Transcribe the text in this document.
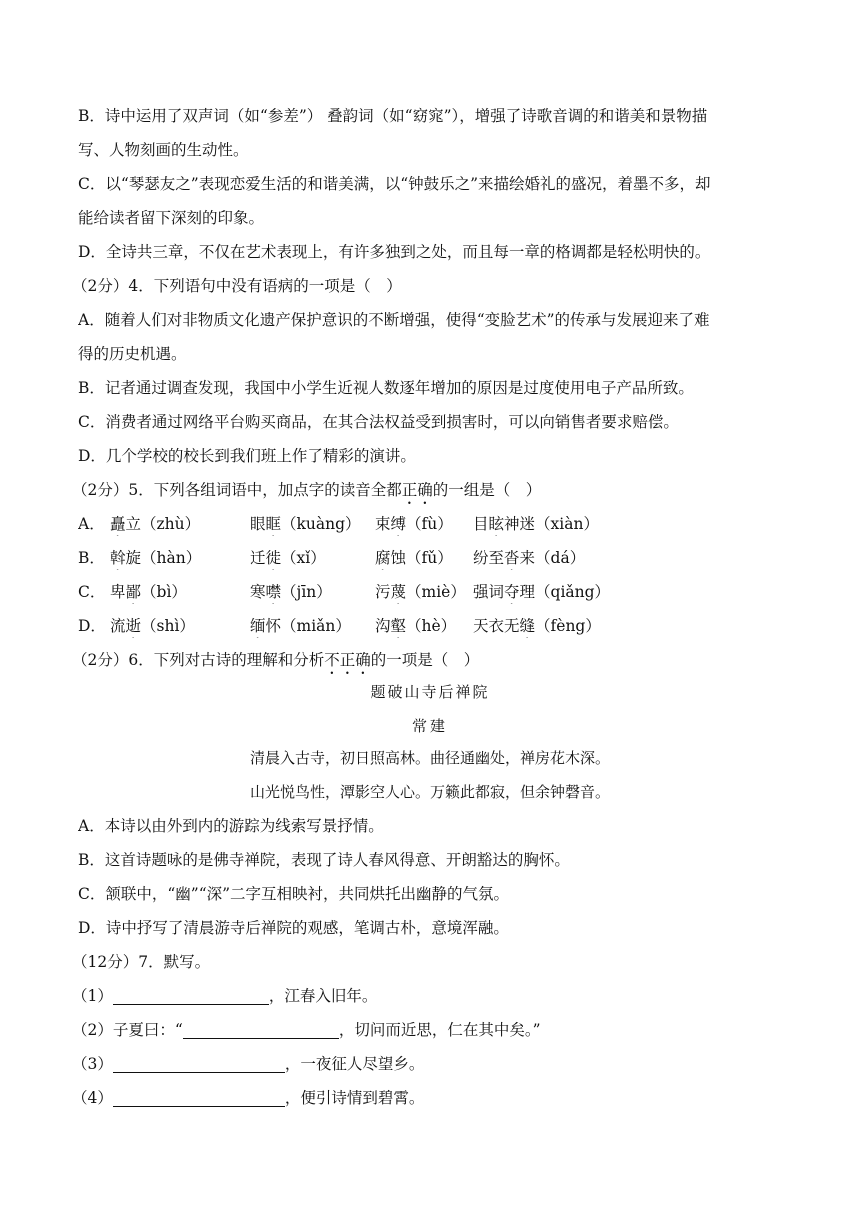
B．诗中运用了双声词（如“参差”） 叠韵词（如“窈窕”），增强了诗歌音调的和谐美和景物描
写、人物刻画的生动性。
C．以“琴瑟友之”表现恋爱生活的和谐美满，以“钟鼓乐之”来描绘婚礼的盛况，着墨不多，却
能给读者留下深刻的印象。
D．全诗共三章，不仅在艺术表现上，有许多独到之处，而且每一章的格调都是轻松明快的。
（2分）4．下列语句中没有语病的一项是（　）
A．随着人们对非物质文化遗产保护意识的不断增强，使得“变脸艺术”的传承与发展迎来了难
得的历史机遇。
B．记者通过调查发现，我国中小学生近视人数逐年增加的原因是过度使用电子产品所致。
C．消费者通过网络平台购买商品，在其合法权益受到损害时，可以向销售者要求赔偿。
D．几个学校的校长到我们班上作了精彩的演讲。
（2分）5．下列各组词语中，加点字的读音全都正确的一组是（　）
A． 矗立（zhù）	眼眶（kuàng） 束缚（fù） 目眩神迷（xiàn）
B． 斡旋（hàn）	迁徙（xǐ）	腐蚀（fǔ） 纷至沓来（dá）
C． 卑鄙（bì）	寒噤（jīn）	污蔑（miè） 强词夺理（qiǎng）
D． 流逝（shì）	缅怀（miǎn） 沟壑（hè） 天衣无缝（fèng）
（2分）6．下列对古诗的理解和分析不正确的一项是（　）
题破山寺后禅院
常建
清晨入古寺，初日照高林。曲径通幽处，禅房花木深。
山光悦鸟性，潭影空人心。万籁此都寂，但余钟磬音。
A．本诗以由外到内的游踪为线索写景抒情。
B．这首诗题咏的是佛寺禅院，表现了诗人春风得意、开朗豁达的胸怀。
C．颔联中，“幽”“深”二字互相映衬，共同烘托出幽静的气氛。
D．诗中抒写了清晨游寺后禅院的观感，笔调古朴，意境浑融。
（12分）7．默写。
（1）	，江春入旧年。
（2）子夏曰：“	，切问而近思，仁在其中矣。”
（3）	，一夜征人尽望乡。
（4）	，便引诗情到碧霄。
